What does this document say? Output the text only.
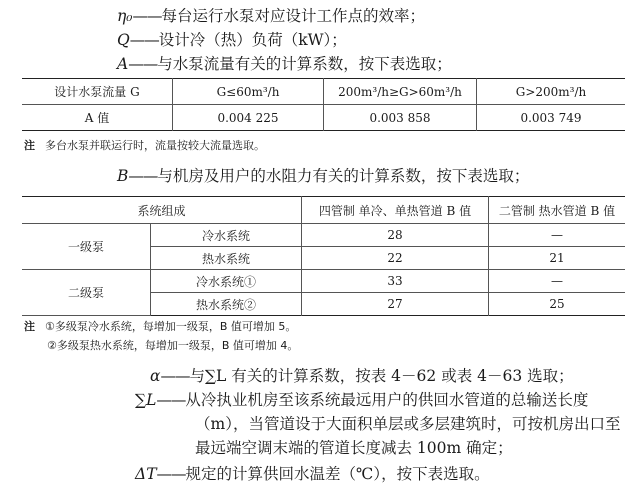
η₀——每台运行水泵对应设计工作点的效率；
Q——设计冷（热）负荷（kW）；
A——与水泵流量有关的计算系数，按下表选取；
设计水泵流量 G	G≤60m³/h	200m³/h≥G>60m³/h	G>200m³/h
A 值	0.004 225	0.003 858	0.003 749
注 多台水泵并联运行时，流量按较大流量选取。
B——与机房及用户的水阻力有关的计算系数，按下表选取；
系统组成		四管制 单冷、单热管道 B 值	二管制 热水管道 B 值
一级泵	冷水系统	28	—
	热水系统	22	21
二级泵	冷水系统①	33	—
	热水系统②	27	25
注 ①多级泵冷水系统，每增加一级泵，B 值可增加 5。
②多级泵热水系统，每增加一级泵，B 值可增加 4。
α——与∑L 有关的计算系数，按表 4－62 或表 4－63 选取；
∑L——从冷执业机房至该系统最远用户的供回水管道的总输送长度
（m），当管道设于大面积单层或多层建筑时，可按机房出口至
最远端空调末端的管道长度减去 100m 确定；
ΔT——规定的计算供回水温差（℃），按下表选取。
